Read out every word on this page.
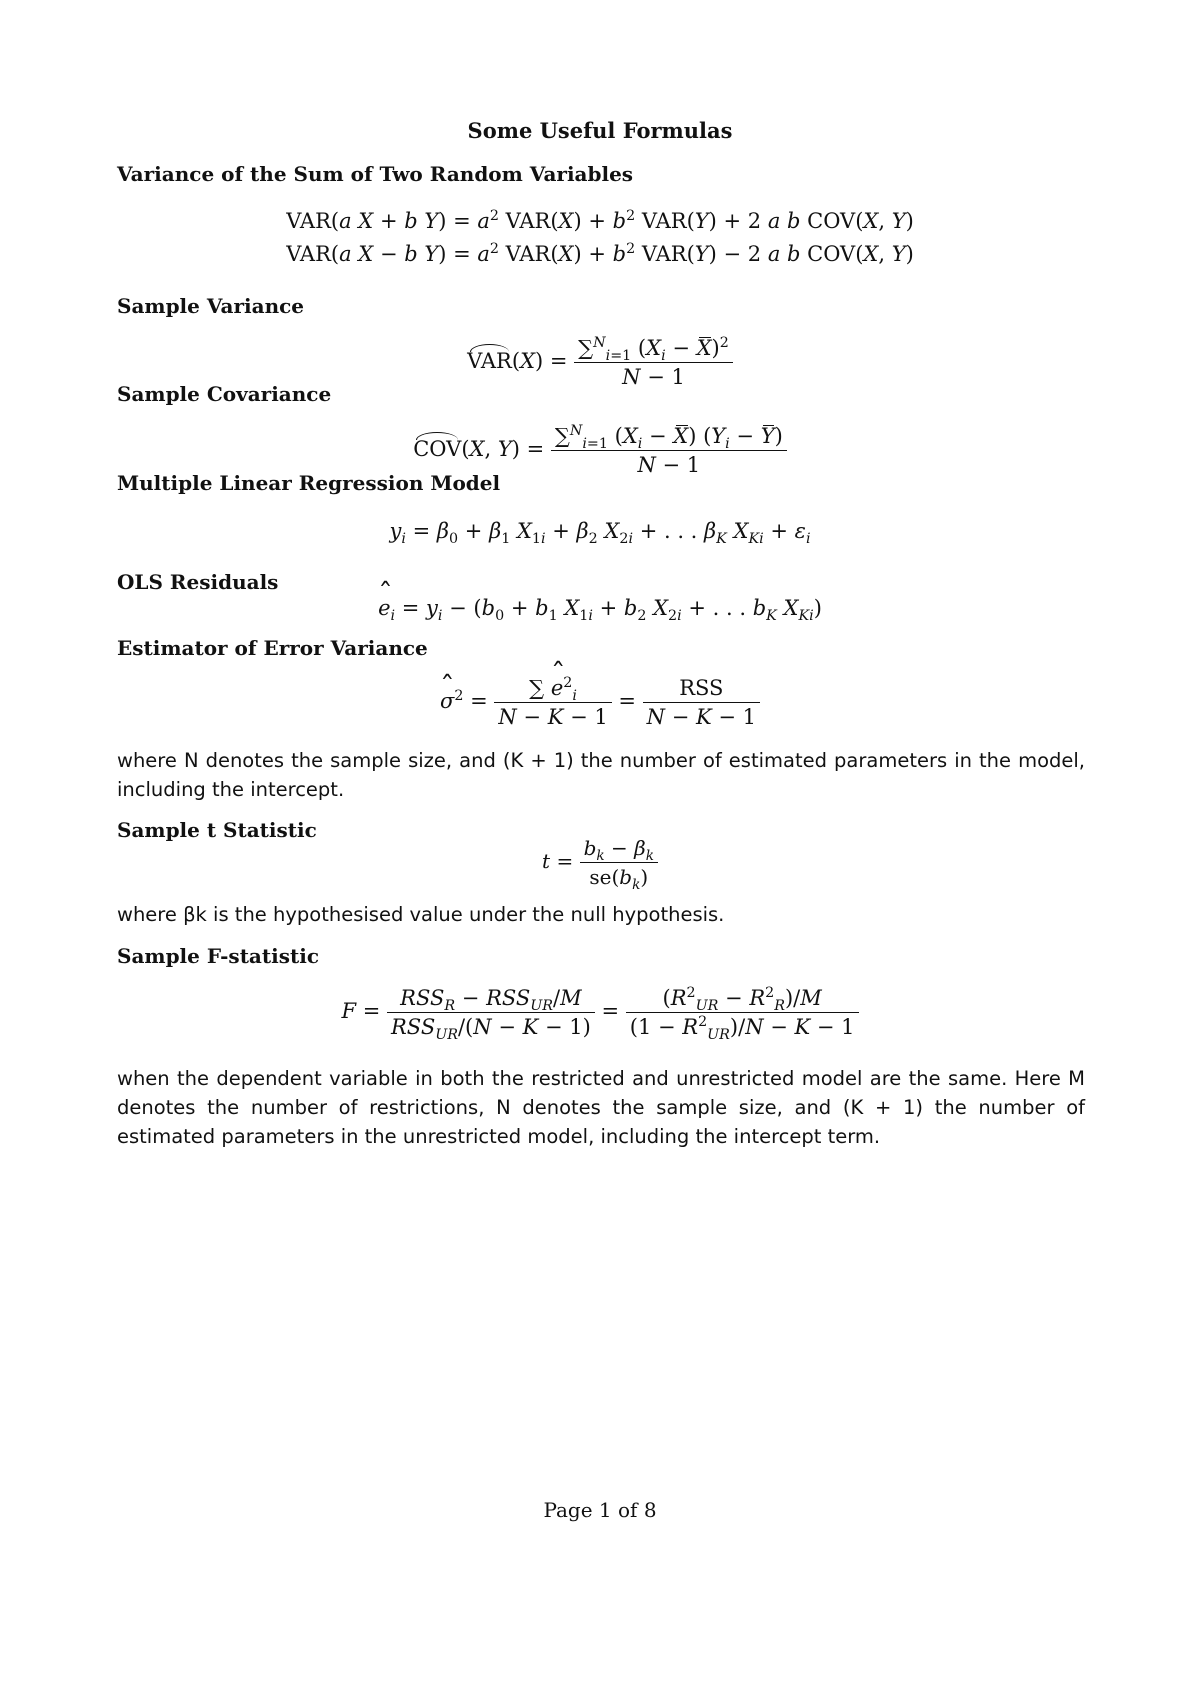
Some Useful Formulas
Variance of the Sum of Two Random Variables
VAR(a X + b $Y) = a^2$ $VAR(X) + b^2$ VAR(Y) + 2 a b COV(X, Y)
VAR(a X − b $Y) = a^2$ $VAR(X) + b^2$ VAR(Y) − 2 a b COV(X, Y)
Sample Variance
$VAR(X) = \frac{\sum^N_{i=1} (X_i - X)^2}{N - 1}$
Sample Covariance
COV(X, $Y) = \frac{\sum^N_{i=1} (X_i - X) (Y_i - Y)}{N - 1}$
Multiple Linear Regression Model
$y_i = \beta_0 + \beta_1$ $X_{1i} + \beta_2$ $X_{2i}$ + . . . $\beta_K$ $X_{Ki} + \varepsilon_i$
OLS Residuals
ˆ $e_i = y_i - (b_0 + b_1$ $X_{1i} + b_2$ $X_{2i}$ + . . . $b_K$ $X_{Ki}$)
Estimator of Error Variance
ˆ $\sigma^2 = \frac{\sum ˆ e^2_i}{N - K - 1} = \frac{\text{RSS}}{N - K - 1}$
where N denotes the sample size, and (K + 1) the number of estimated parameters in the model, including the intercept.
Sample t Statistic
$t = \frac{b_k - \beta_k}{se(b_k)}$
where βk is the hypothesised value under the null hypothesis.
Sample F-statistic
$F = \frac{RSS_R - RSS_{UR}/M}{RSS_{UR}/(N - K - 1)} = \frac{(R^2_{UR} - R^2_R)/M}{(1 - R^2_{UR})/N - K - 1}$
when the dependent variable in both the restricted and unrestricted model are the same. Here M denotes the number of restrictions, N denotes the sample size, and (K + 1) the number of estimated parameters in the unrestricted model, including the intercept term.
Page 1 of 8
